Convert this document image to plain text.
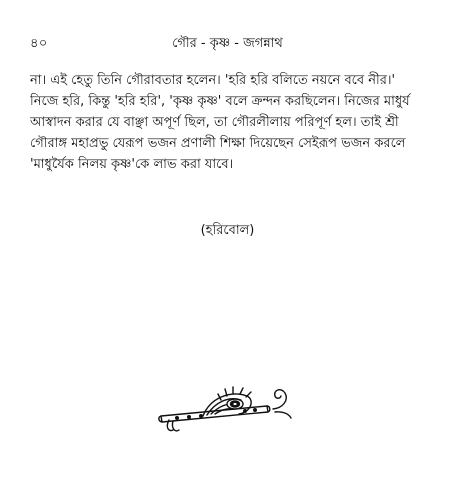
৪০	গৌর - কৃষ্ণ - জগন্নাথ
না। এই হেতু তিনি গৌরাবতার হলেন। 'হরি হরি বলিতে নয়নে ববে নীর।'
নিজে হরি, কিন্তু 'হরি হরি', 'কৃষ্ণ কৃষ্ণ' বলে ক্রন্দন করছিলেন। নিজের মাধুর্য
আস্বাদন করার যে বাঞ্ছা অপূর্ণ ছিল, তা গৌরলীলায় পরিপূর্ণ হল। তাই শ্রী
গৌরাঙ্গ মহাপ্রভু যেরূপ ভজন প্রণালী শিক্ষা দিয়েছেন সেইরূপ ভজন করলে
'মাধুর্যৈক নিলয় কৃষ্ণ'কে লাভ করা যাবে।
(হরিবোল)
